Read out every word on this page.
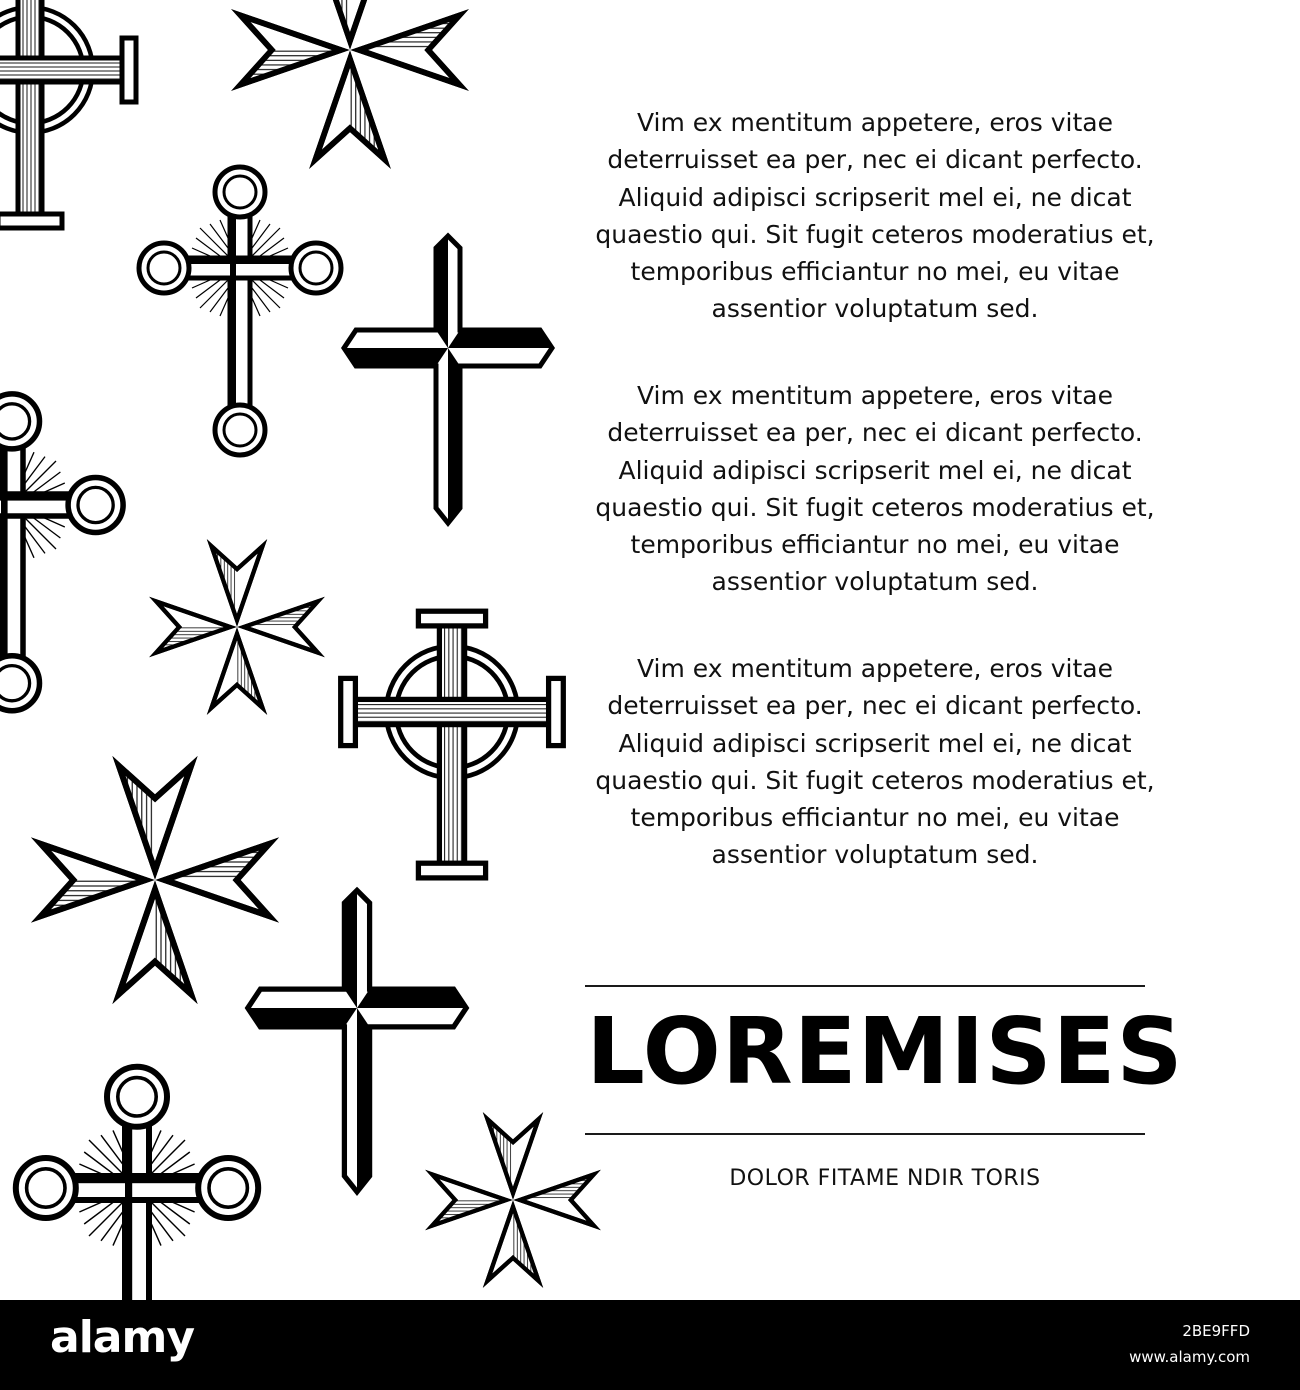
Vim ex mentitum appetere, eros vitae
deterruisset ea per, nec ei dicant perfecto.
Aliquid adipisci scripserit mel ei, ne dicat
quaestio qui. Sit fugit ceteros moderatius et,
temporibus efficiantur no mei, eu vitae
assentior voluptatum sed.
Vim ex mentitum appetere, eros vitae
deterruisset ea per, nec ei dicant perfecto.
Aliquid adipisci scripserit mel ei, ne dicat
quaestio qui. Sit fugit ceteros moderatius et,
temporibus efficiantur no mei, eu vitae
assentior voluptatum sed.
Vim ex mentitum appetere, eros vitae
deterruisset ea per, nec ei dicant perfecto.
Aliquid adipisci scripserit mel ei, ne dicat
quaestio qui. Sit fugit ceteros moderatius et,
temporibus efficiantur no mei, eu vitae
assentior voluptatum sed.
LOREMISES

DOLOR FITAME NDIR TORIS

alamy	2BE9FFD
www.alamy.com
